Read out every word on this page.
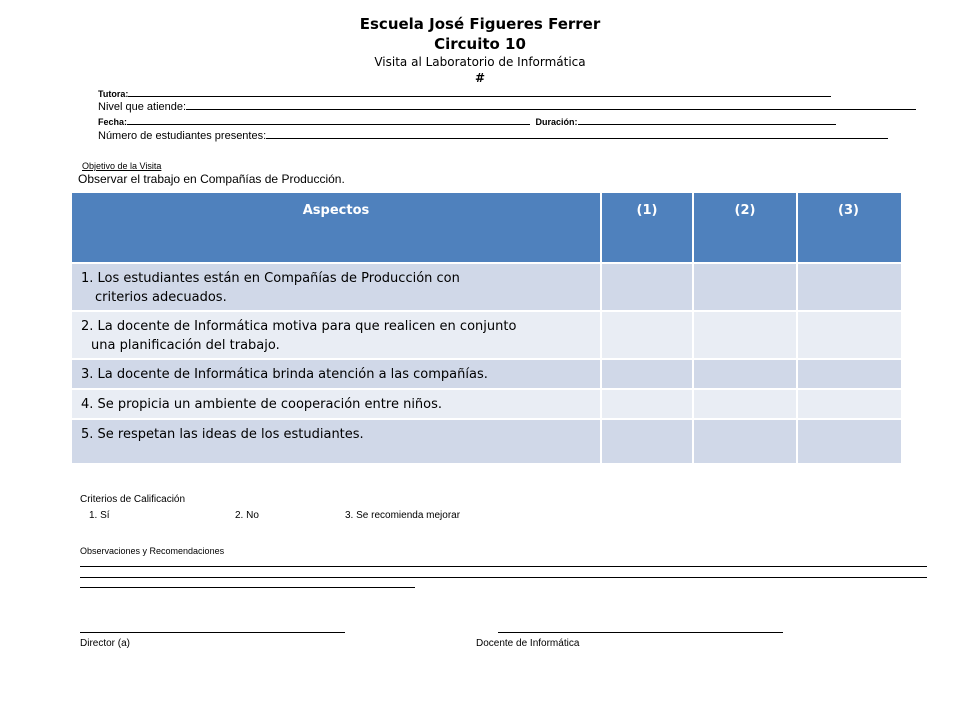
Escuela José Figueres Ferrer
Circuito 10
Visita al Laboratorio de Informática
#
Tutora:
Nivel que atiende:
Fecha:	Duración:
Número de estudiantes presentes:
Objetivo de la Visita
Observar el trabajo en Compañías de Producción.
Aspectos	(1)	(2)	(3)

1. Los estudiantes están en Compañías de Producción con
criterios adecuados.			

2. La docente de Informática motiva para que realicen en conjunto
una planificación del trabajo.			

3. La docente de Informática brinda atención a las compañías.			

4. Se propicia un ambiente de cooperación entre niños.			

5. Se respetan las ideas de los estudiantes.			

Criterios de Calificación
1. Sí	2. No	3. Se recomienda mejorar
Observaciones y Recomendaciones
Director (a)	Docente de Informática
